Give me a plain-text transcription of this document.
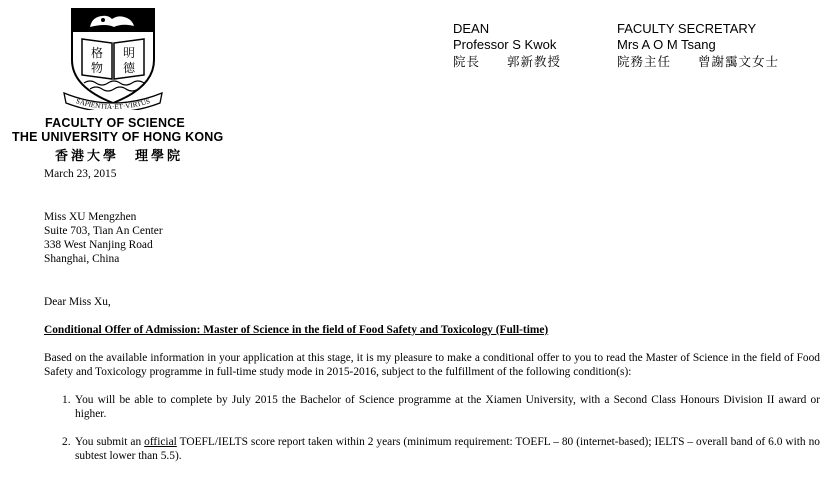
格 明
物 德
SAPIENTIA·ET·VIRTUS
FACULTY OF SCIENCE
THE UNIVERSITY OF HONG KONG
香港大學　理學院
DEAN
Professor S Kwok
院長　　郭新教授
FACULTY SECRETARY
Mrs A O M Tsang
院務主任　　曾謝靄文女士
March 23, 2015
Miss XU Mengzhen
Suite 703, Tian An Center
338 West Nanjing Road
Shanghai, China
Dear Miss Xu,
Conditional Offer of Admission: Master of Science in the field of Food Safety and Toxicology (Full-time)
Based on the available information in your application at this stage, it is my pleasure to make a conditional offer to you to read the Master of Science in the field of Food Safety and Toxicology programme in full-time study mode in 2015-2016, subject to the fulfillment of the following condition(s):
1. You will be able to complete by July 2015 the Bachelor of Science programme at the Xiamen University, with a Second Class Honours Division II award or higher.
2. You submit an official TOEFL/IELTS score report taken within 2 years (minimum requirement: TOEFL – 80 (internet-based); IELTS – overall band of 6.0 with no subtest lower than 5.5).
